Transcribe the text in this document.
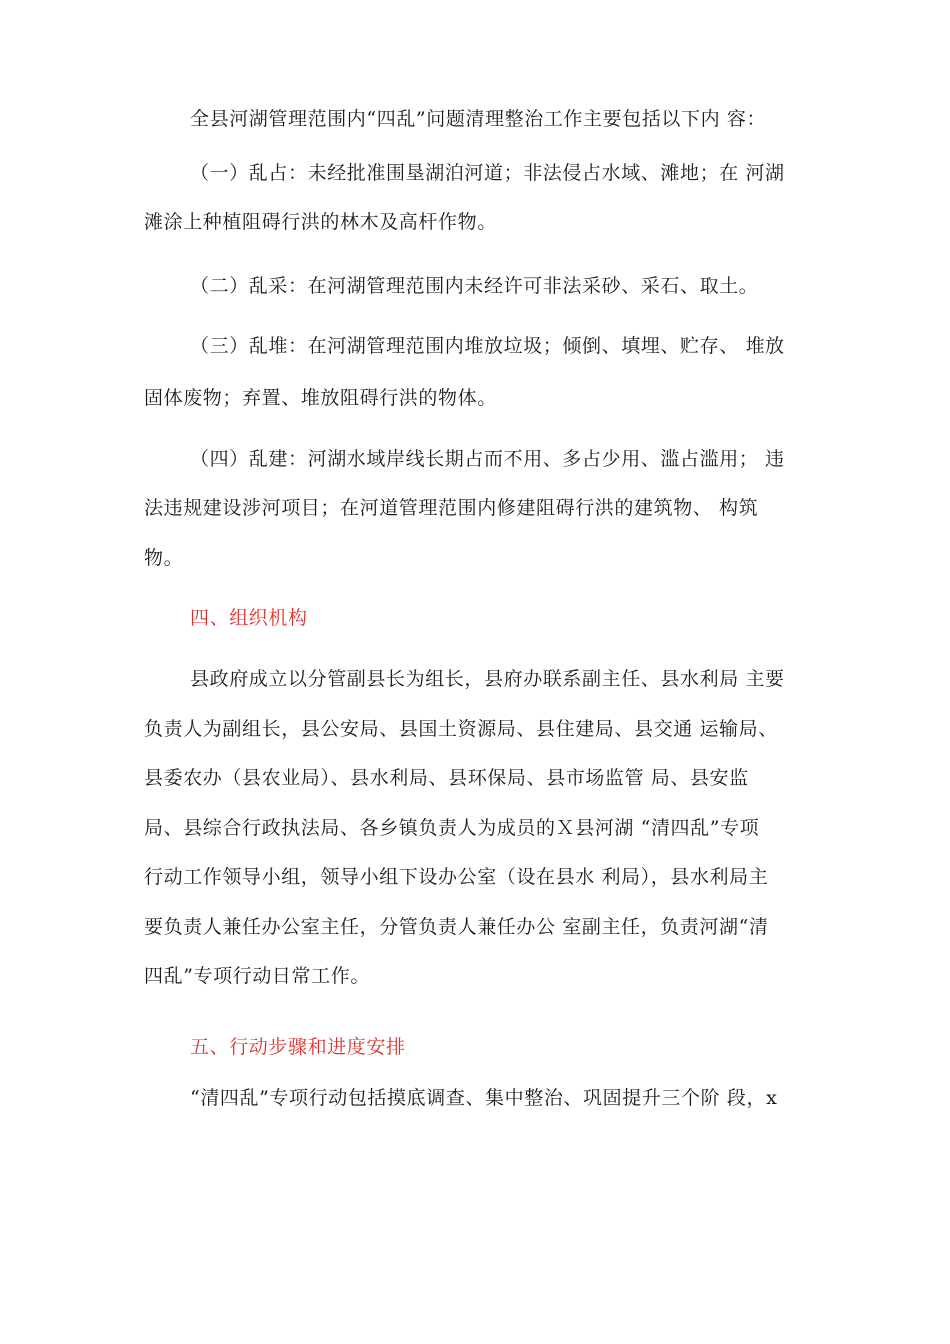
全县河湖管理范围内“四乱”问题清理整治工作主要包括以下内 容：
（一）乱占：未经批准围垦湖泊河道；非法侵占水域、滩地；在 河湖
滩涂上种植阻碍行洪的林木及高杆作物。
（二）乱采：在河湖管理范围内未经许可非法采砂、采石、取土。
（三）乱堆：在河湖管理范围内堆放垃圾；倾倒、填埋、贮存、 堆放
固体废物；弃置、堆放阻碍行洪的物体。
（四）乱建：河湖水域岸线长期占而不用、多占少用、滥占滥用； 违
法违规建设涉河项目；在河道管理范围内修建阻碍行洪的建筑物、 构筑
物。
四、组织机构
县政府成立以分管副县长为组长，县府办联系副主任、县水利局 主要
负责人为副组长，县公安局、县国土资源局、县住建局、县交通 运输局、
县委农办（县农业局）、县水利局、县环保局、县市场监管 局、县安监
局、县综合行政执法局、各乡镇负责人为成员的Ｘ县河湖 “清四乱”专项
行动工作领导小组，领导小组下设办公室（设在县水 利局），县水利局主
要负责人兼任办公室主任，分管负责人兼任办公 室副主任，负责河湖“清
四乱”专项行动日常工作。
五、行动步骤和进度安排
“清四乱”专项行动包括摸底调查、集中整治、巩固提升三个阶 段，x
